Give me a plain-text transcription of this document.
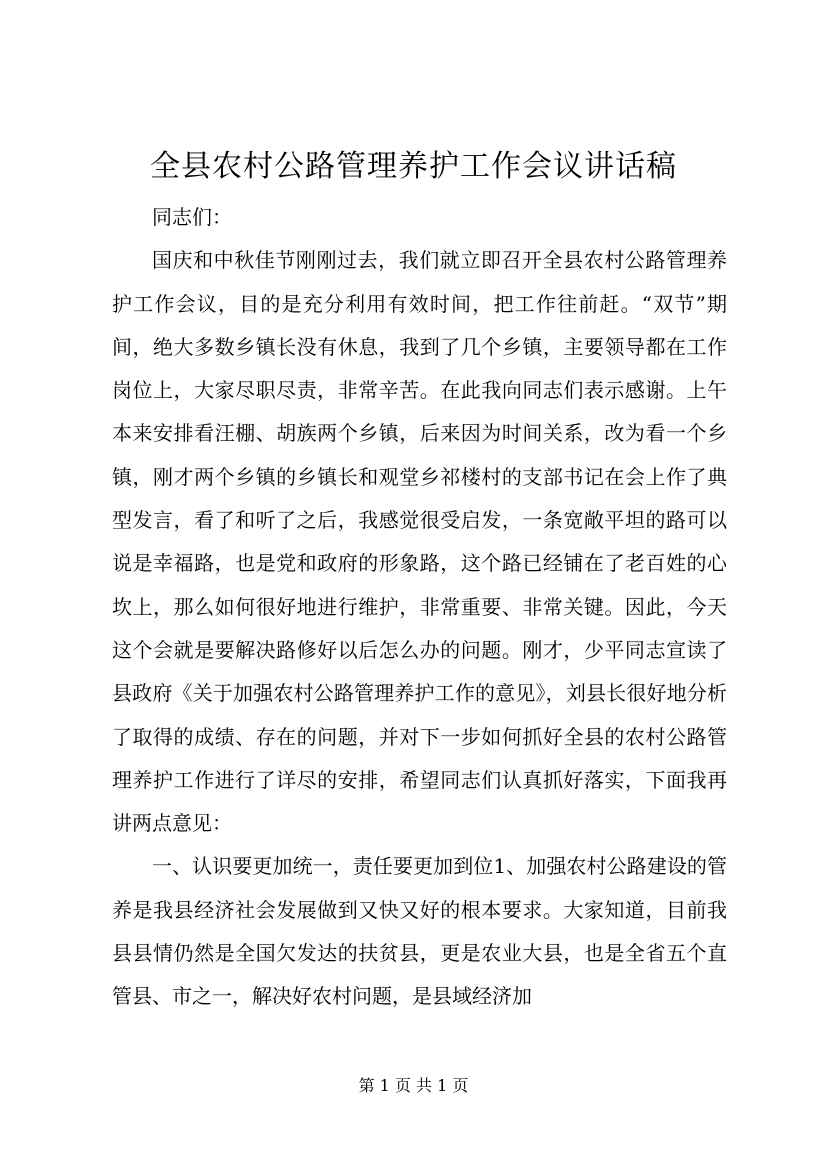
全县农村公路管理养护工作会议讲话稿

同志们：

国庆和中秋佳节刚刚过去，我们就立即召开全县农村公路管理养护工作会议，目的是充分利用有效时间，把工作往前赶。“双节”期间，绝大多数乡镇长没有休息，我到了几个乡镇，主要领导都在工作岗位上，大家尽职尽责，非常辛苦。在此我向同志们表示感谢。上午本来安排看汪棚、胡族两个乡镇，后来因为时间关系，改为看一个乡镇，刚才两个乡镇的乡镇长和观堂乡祁楼村的支部书记在会上作了典型发言，看了和听了之后，我感觉很受启发，一条宽敞平坦的路可以说是幸福路，也是党和政府的形象路，这个路已经铺在了老百姓的心坎上，那么如何很好地进行维护，非常重要、非常关键。因此，今天这个会就是要解决路修好以后怎么办的问题。刚才，少平同志宣读了县政府《关于加强农村公路管理养护工作的意见》，刘县长很好地分析了取得的成绩、存在的问题，并对下一步如何抓好全县的农村公路管理养护工作进行了详尽的安排，希望同志们认真抓好落实，下面我再讲两点意见：

一、认识要更加统一，责任要更加到位1、加强农村公路建设的管养是我县经济社会发展做到又快又好的根本要求。大家知道，目前我县县情仍然是全国欠发达的扶贫县，更是农业大县，也是全省五个直管县、市之一，解决好农村问题，是县域经济加

第 1 页 共 1 页
